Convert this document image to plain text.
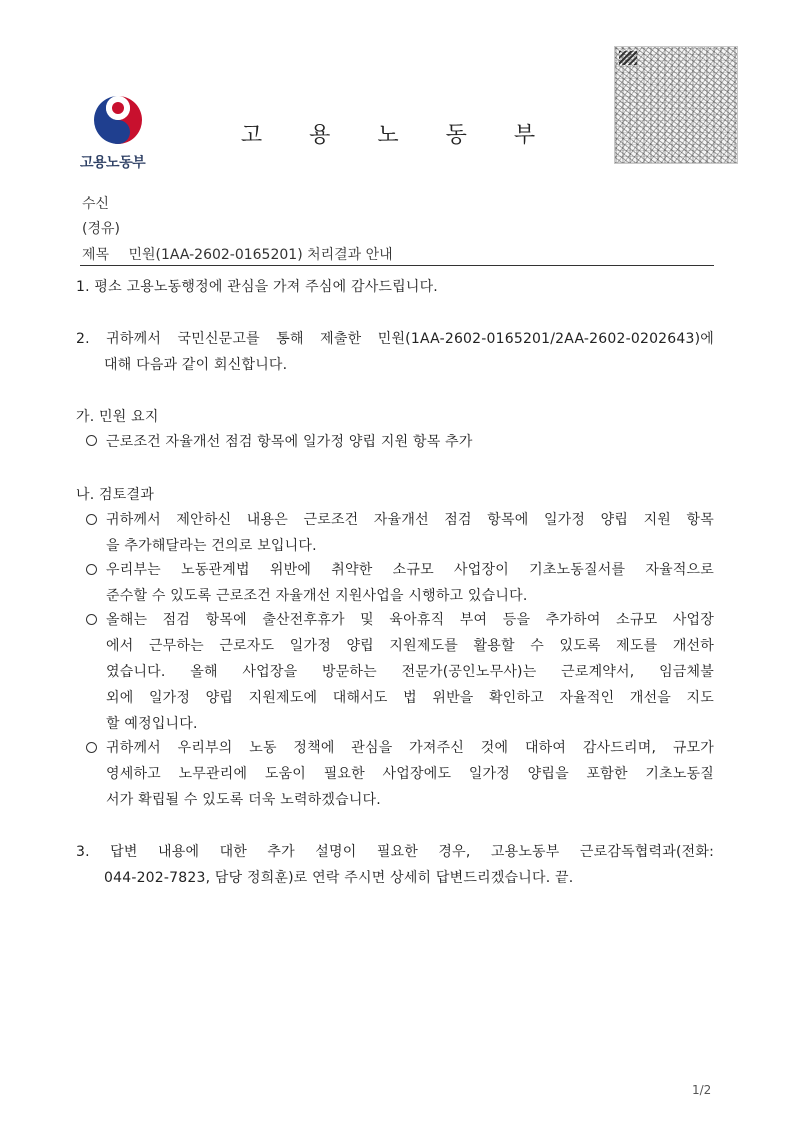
고용노동부
고 용 노 동 부
수신
(경유)
제목 민원(1AA-2602-0165201) 처리결과 안내
1. 평소 고용노동행정에 관심을 가져 주심에 감사드립니다.
2. 귀하께서 국민신문고를 통해 제출한 민원(1AA-2602-0165201/2AA-2602-0202643)에
대해 다음과 같이 회신합니다.
가. 민원 요지
근로조건 자율개선 점검 항목에 일가정 양립 지원 항목 추가
나. 검토결과
귀하께서 제안하신 내용은 근로조건 자율개선 점검 항목에 일가정 양립 지원 항목
을 추가해달라는 건의로 보입니다.
우리부는 노동관계법 위반에 취약한 소규모 사업장이 기초노동질서를 자율적으로
준수할 수 있도록 근로조건 자율개선 지원사업을 시행하고 있습니다.
올해는 점검 항목에 출산전후휴가 및 육아휴직 부여 등을 추가하여 소규모 사업장
에서 근무하는 근로자도 일가정 양립 지원제도를 활용할 수 있도록 제도를 개선하
였습니다. 올해 사업장을 방문하는 전문가(공인노무사)는 근로계약서, 임금체불
외에 일가정 양립 지원제도에 대해서도 법 위반을 확인하고 자율적인 개선을 지도
할 예정입니다.
귀하께서 우리부의 노동 정책에 관심을 가져주신 것에 대하여 감사드리며, 규모가
영세하고 노무관리에 도움이 필요한 사업장에도 일가정 양립을 포함한 기초노동질
서가 확립될 수 있도록 더욱 노력하겠습니다.
3. 답변 내용에 대한 추가 설명이 필요한 경우, 고용노동부 근로감독협력과(전화:
044-202-7823, 담당 정희훈)로 연락 주시면 상세히 답변드리겠습니다. 끝.
1/2
